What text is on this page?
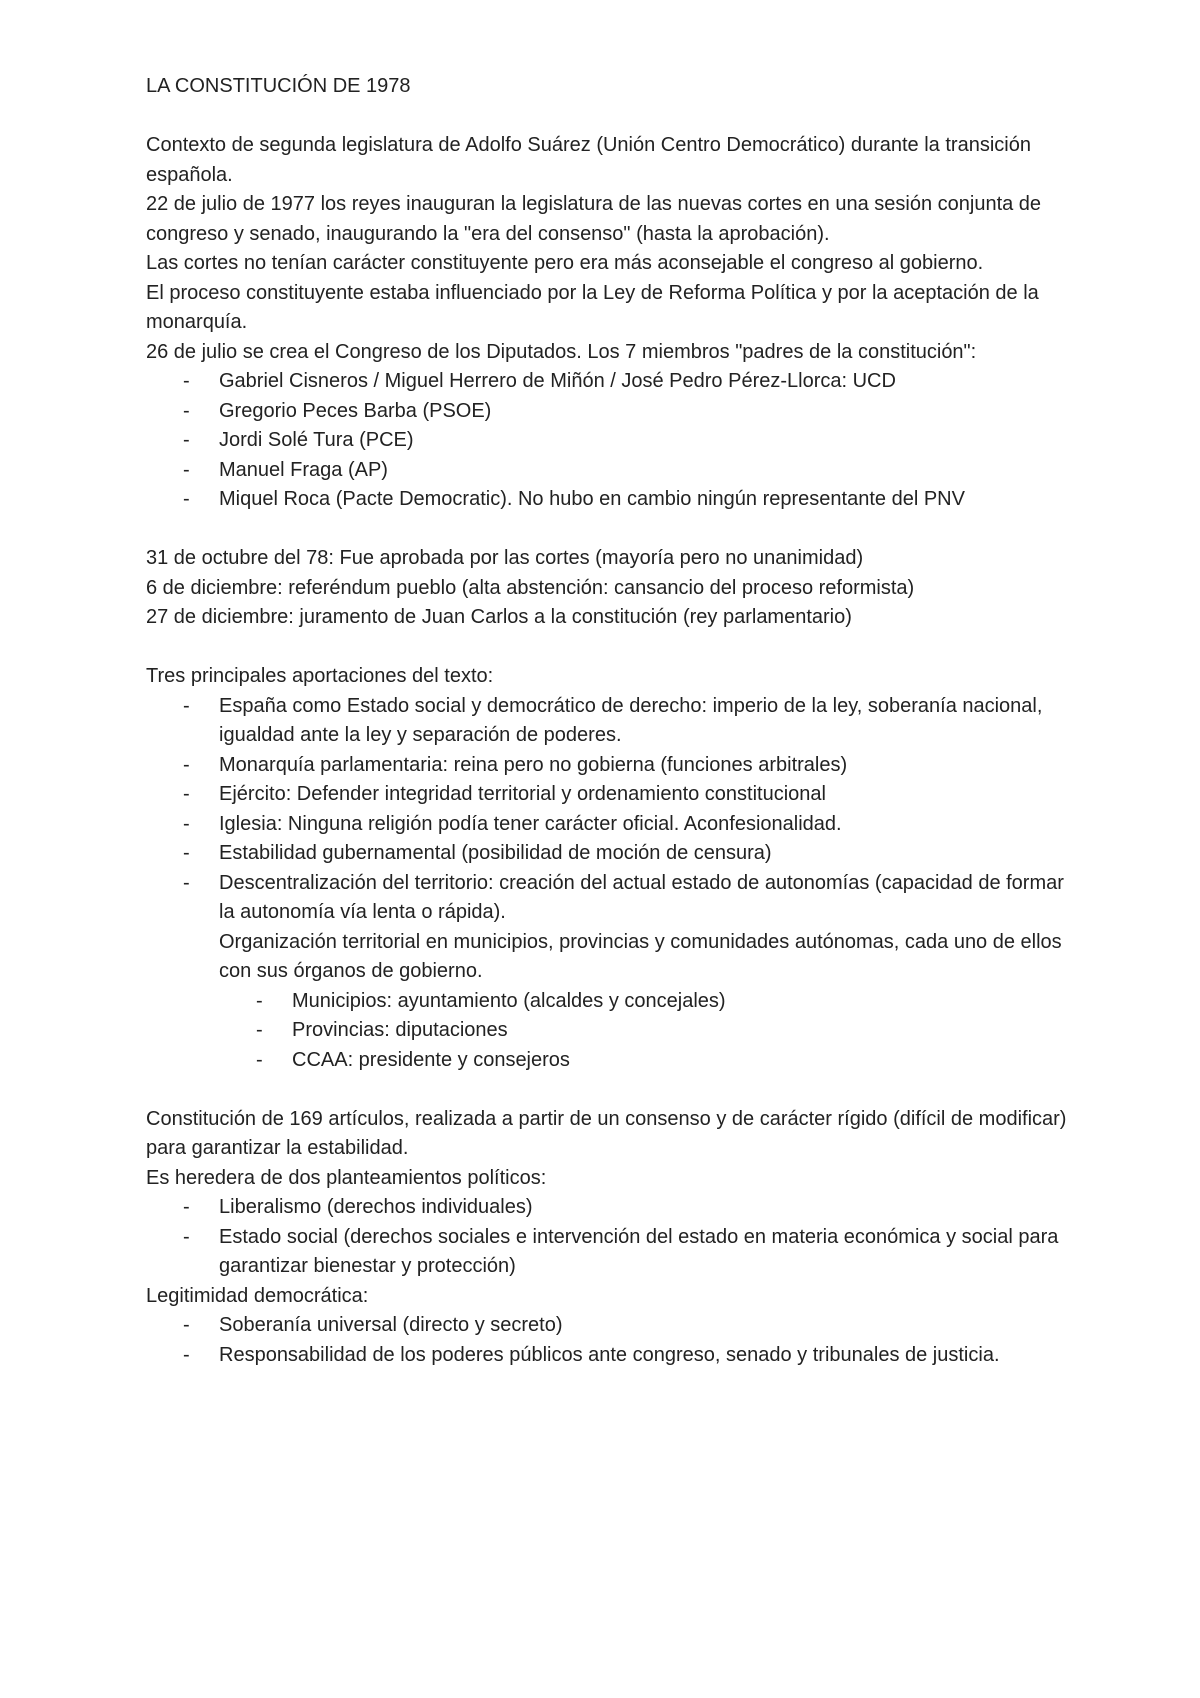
LA CONSTITUCIÓN DE 1978

Contexto de segunda legislatura de Adolfo Suárez (Unión Centro Democrático) durante la transición española.

22 de julio de 1977 los reyes inauguran la legislatura de las nuevas cortes en una sesión conjunta de congreso y senado, inaugurando la "era del consenso" (hasta la aprobación).

Las cortes no tenían carácter constituyente pero era más aconsejable el congreso al gobierno.

El proceso constituyente estaba influenciado por la Ley de Reforma Política y por la aceptación de la monarquía.

26 de julio se crea el Congreso de los Diputados. Los 7 miembros "padres de la constitución":

- Gabriel Cisneros / Miguel Herrero de Miñón / José Pedro Pérez-Llorca: UCD
- Gregorio Peces Barba (PSOE)
- Jordi Solé Tura (PCE)
- Manuel Fraga (AP)
- Miquel Roca (Pacte Democratic). No hubo en cambio ningún representante del PNV

31 de octubre del 78: Fue aprobada por las cortes (mayoría pero no unanimidad)

6 de diciembre: referéndum pueblo (alta abstención: cansancio del proceso reformista)

27 de diciembre: juramento de Juan Carlos a la constitución (rey parlamentario)

Tres principales aportaciones del texto:

- España como Estado social y democrático de derecho: imperio de la ley, soberanía nacional, igualdad ante la ley y separación de poderes.
- Monarquía parlamentaria: reina pero no gobierna (funciones arbitrales)
- Ejército: Defender integridad territorial y ordenamiento constitucional
- Iglesia: Ninguna religión podía tener carácter oficial. Aconfesionalidad.
- Estabilidad gubernamental (posibilidad de moción de censura)
- Descentralización del territorio: creación del actual estado de autonomías (capacidad de formar la autonomía vía lenta o rápida).

Organización territorial en municipios, provincias y comunidades autónomas, cada uno de ellos con sus órganos de gobierno.

- Municipios: ayuntamiento (alcaldes y concejales)
- Provincias: diputaciones
- CCAA: presidente y consejeros

Constitución de 169 artículos, realizada a partir de un consenso y de carácter rígido (difícil de modificar) para garantizar la estabilidad.

Es heredera de dos planteamientos políticos:

- Liberalismo (derechos individuales)
- Estado social (derechos sociales e intervención del estado en materia económica y social para garantizar bienestar y protección)

Legitimidad democrática:

- Soberanía universal (directo y secreto)
- Responsabilidad de los poderes públicos ante congreso, senado y tribunales de justicia.
